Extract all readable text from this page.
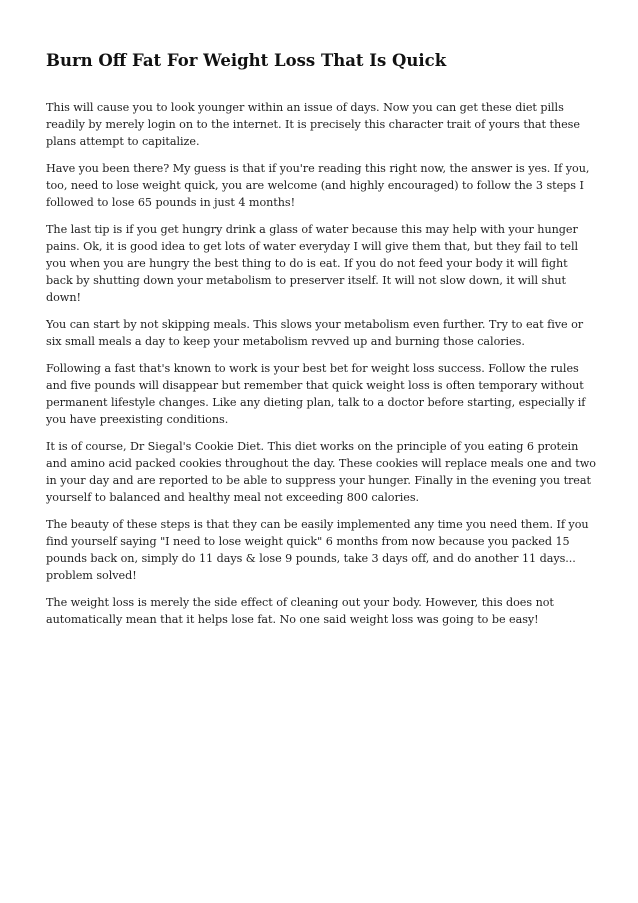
Burn Off Fat For Weight Loss That Is Quick

This will cause you to look younger within an issue of days. Now you can get these diet pills readily by merely login on to the internet. It is precisely this character trait of yours that these plans attempt to capitalize.

Have you been there? My guess is that if you're reading this right now, the answer is yes. If you, too, need to lose weight quick, you are welcome (and highly encouraged) to follow the 3 steps I followed to lose 65 pounds in just 4 months!

The last tip is if you get hungry drink a glass of water because this may help with your hunger pains. Ok, it is good idea to get lots of water everyday I will give them that, but they fail to tell you when you are hungry the best thing to do is eat. If you do not feed your body it will fight back by shutting down your metabolism to preserver itself. It will not slow down, it will shut down!

You can start by not skipping meals. This slows your metabolism even further. Try to eat five or six small meals a day to keep your metabolism revved up and burning those calories.

Following a fast that's known to work is your best bet for weight loss success. Follow the rules and five pounds will disappear but remember that quick weight loss is often temporary without permanent lifestyle changes. Like any dieting plan, talk to a doctor before starting, especially if you have preexisting conditions.

It is of course, Dr Siegal's Cookie Diet. This diet works on the principle of you eating 6 protein and amino acid packed cookies throughout the day. These cookies will replace meals one and two in your day and are reported to be able to suppress your hunger. Finally in the evening you treat yourself to balanced and healthy meal not exceeding 800 calories.

The beauty of these steps is that they can be easily implemented any time you need them. If you find yourself saying "I need to lose weight quick" 6 months from now because you packed 15 pounds back on, simply do 11 days & lose 9 pounds, take 3 days off, and do another 11 days... problem solved!

The weight loss is merely the side effect of cleaning out your body. However, this does not automatically mean that it helps lose fat. No one said weight loss was going to be easy!
